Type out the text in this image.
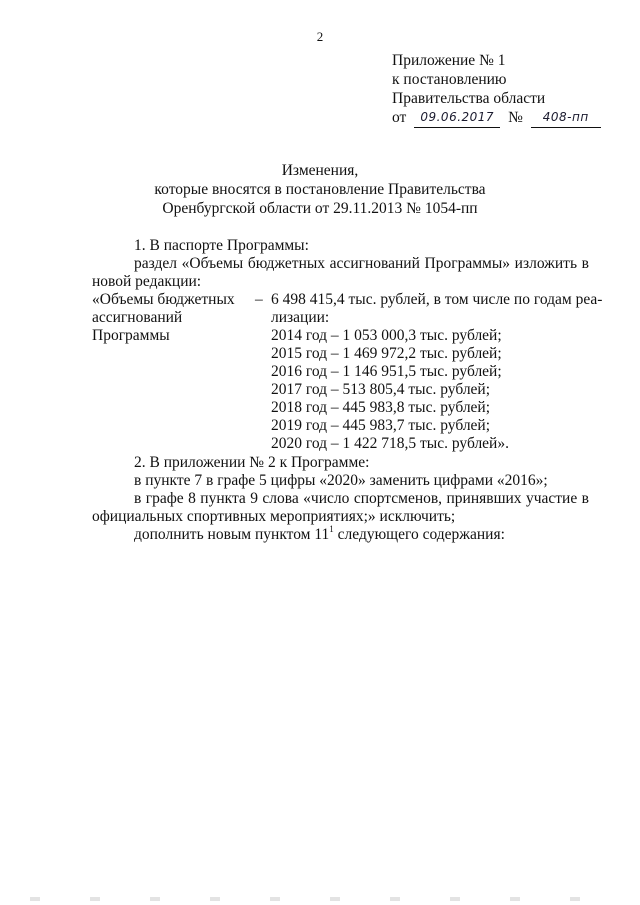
2
Приложение № 1
к постановлению
Правительства области
от 09.06.2017 № 408-пп
Изменения,
которые вносятся в постановление Правительства
Оренбургской области от 29.11.2013 № 1054-пп
1. В паспорте Программы:
раздел «Объемы бюджетных ассигнований Программы» изложить в
новой редакции:
«Объемы бюджетных
ассигнований
Программы
– 6 498 415,4 тыс. рублей, в том числе по годам реа-
лизации:
2014 год – 1 053 000,3 тыс. рублей;
2015 год – 1 469 972,2 тыс. рублей;
2016 год – 1 146 951,5 тыс. рублей;
2017 год – 513 805,4 тыс. рублей;
2018 год – 445 983,8 тыс. рублей;
2019 год – 445 983,7 тыс. рублей;
2020 год – 1 422 718,5 тыс. рублей».
2. В приложении № 2 к Программе:
в пункте 7 в графе 5 цифры «2020» заменить цифрами «2016»;
в графе 8 пункта 9 слова «число спортсменов, принявших участие в
официальных спортивных мероприятиях;» исключить;
дополнить новым пунктом $11^1$ следующего содержания:
